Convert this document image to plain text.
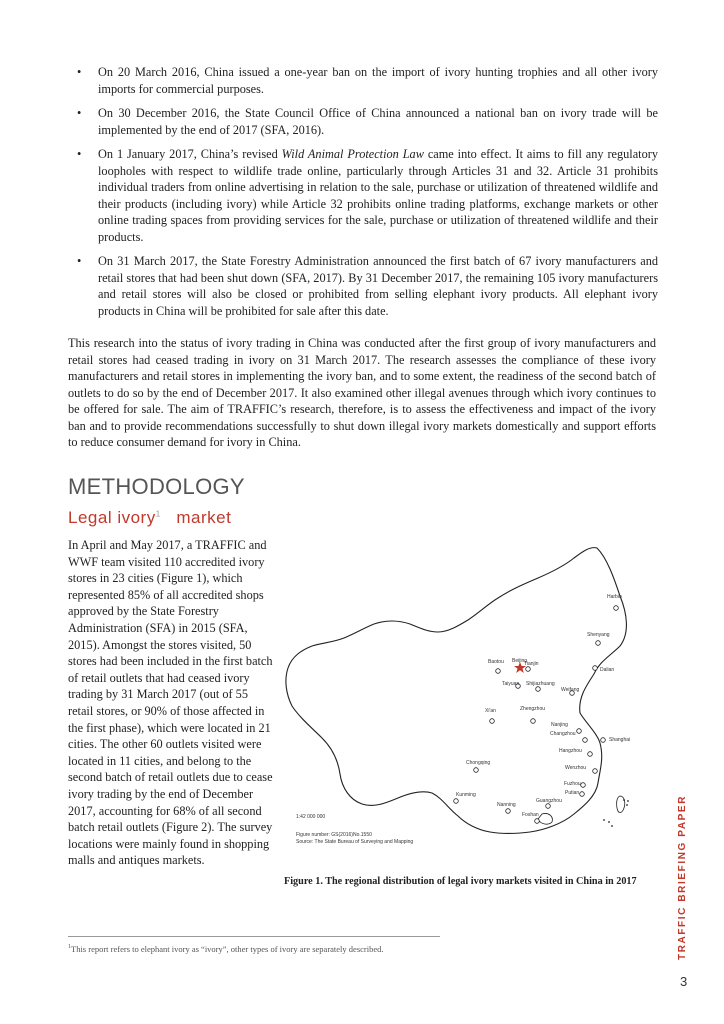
• On 20 March 2016, China issued a one-year ban on the import of ivory hunting trophies and all other ivory imports for commercial purposes.
• On 30 December 2016, the State Council Office of China announced a national ban on ivory trade will be implemented by the end of 2017 (SFA, 2016).
• On 1 January 2017, China’s revised Wild Animal Protection Law came into effect. It aims to fill any regulatory loopholes with respect to wildlife trade online, particularly through Articles 31 and 32. Article 31 prohibits individual traders from online advertising in relation to the sale, purchase or utilization of threatened wildlife and their products (including ivory) while Article 32 prohibits online trading platforms, exchange markets or other online trading spaces from providing services for the sale, purchase or utilization of threatened wildlife and their products.
• On 31 March 2017, the State Forestry Administration announced the first batch of 67 ivory manufacturers and retail stores that had been shut down (SFA, 2017). By 31 December 2017, the remaining 105 ivory manufacturers and retail stores will also be closed or prohibited from selling elephant ivory products. All elephant ivory products in China will be prohibited for sale after this date.

This research into the status of ivory trading in China was conducted after the first group of ivory manufacturers and retail stores had ceased trading in ivory on 31 March 2017. The research assesses the compliance of these ivory manufacturers and retail stores in implementing the ivory ban, and to some extent, the readiness of the second batch of outlets to do so by the end of December 2017. It also examined other illegal avenues through which ivory continues to be offered for sale. The aim of TRAFFIC’s research, therefore, is to assess the effectiveness and impact of the ivory ban and to provide recommendations successfully to shut down illegal ivory markets domestically and support efforts to reduce consumer demand for ivory in China.

METHODOLOGY
Legal ivory$^1$ market

In April and May 2017, a TRAFFIC and WWF team visited 110 accredited ivory stores in 23 cities (Figure 1), which represented 85% of all accredited shops approved by the State Forestry Administration (SFA) in 2015 (SFA, 2015). Amongst the stores visited, 50 stores had been included in the first batch of retail outlets that had ceased ivory trading by 31 March 2017 (out of 55 retail stores, or 90% of those affected in the first phase), which were located in 21 cities. The other 60 outlets visited were located in 11 cities, and belong to the second batch of retail outlets due to cease ivory trading by the end of December 2017, accounting for 68% of all second batch retail outlets (Figure 2). The survey locations were mainly found in shopping malls and antiques markets.

Harbin
Shenyang
Dalian
Beijing
Tianjin
Baotou
Taiyuan Shijiazhuang
Weifang
Xi'an	Zhengzhou
Nanjing
Changzhou
Shanghai
Hangzhou
Wenzhou
Fuzhou
Putian
Chongqing
Kunming
Nanning
Guangzhou
Foshan
1:42 000 000
Figure number: GS(2016)No.1550
Source: The State Bureau of Surveying and Mapping

Figure 1. The regional distribution of legal ivory markets visited in China in 2017

$^1$This report refers to elephant ivory as “ivory”, other types of ivory are separately described.	TRAFFIC BRIEFING PAPER

3
